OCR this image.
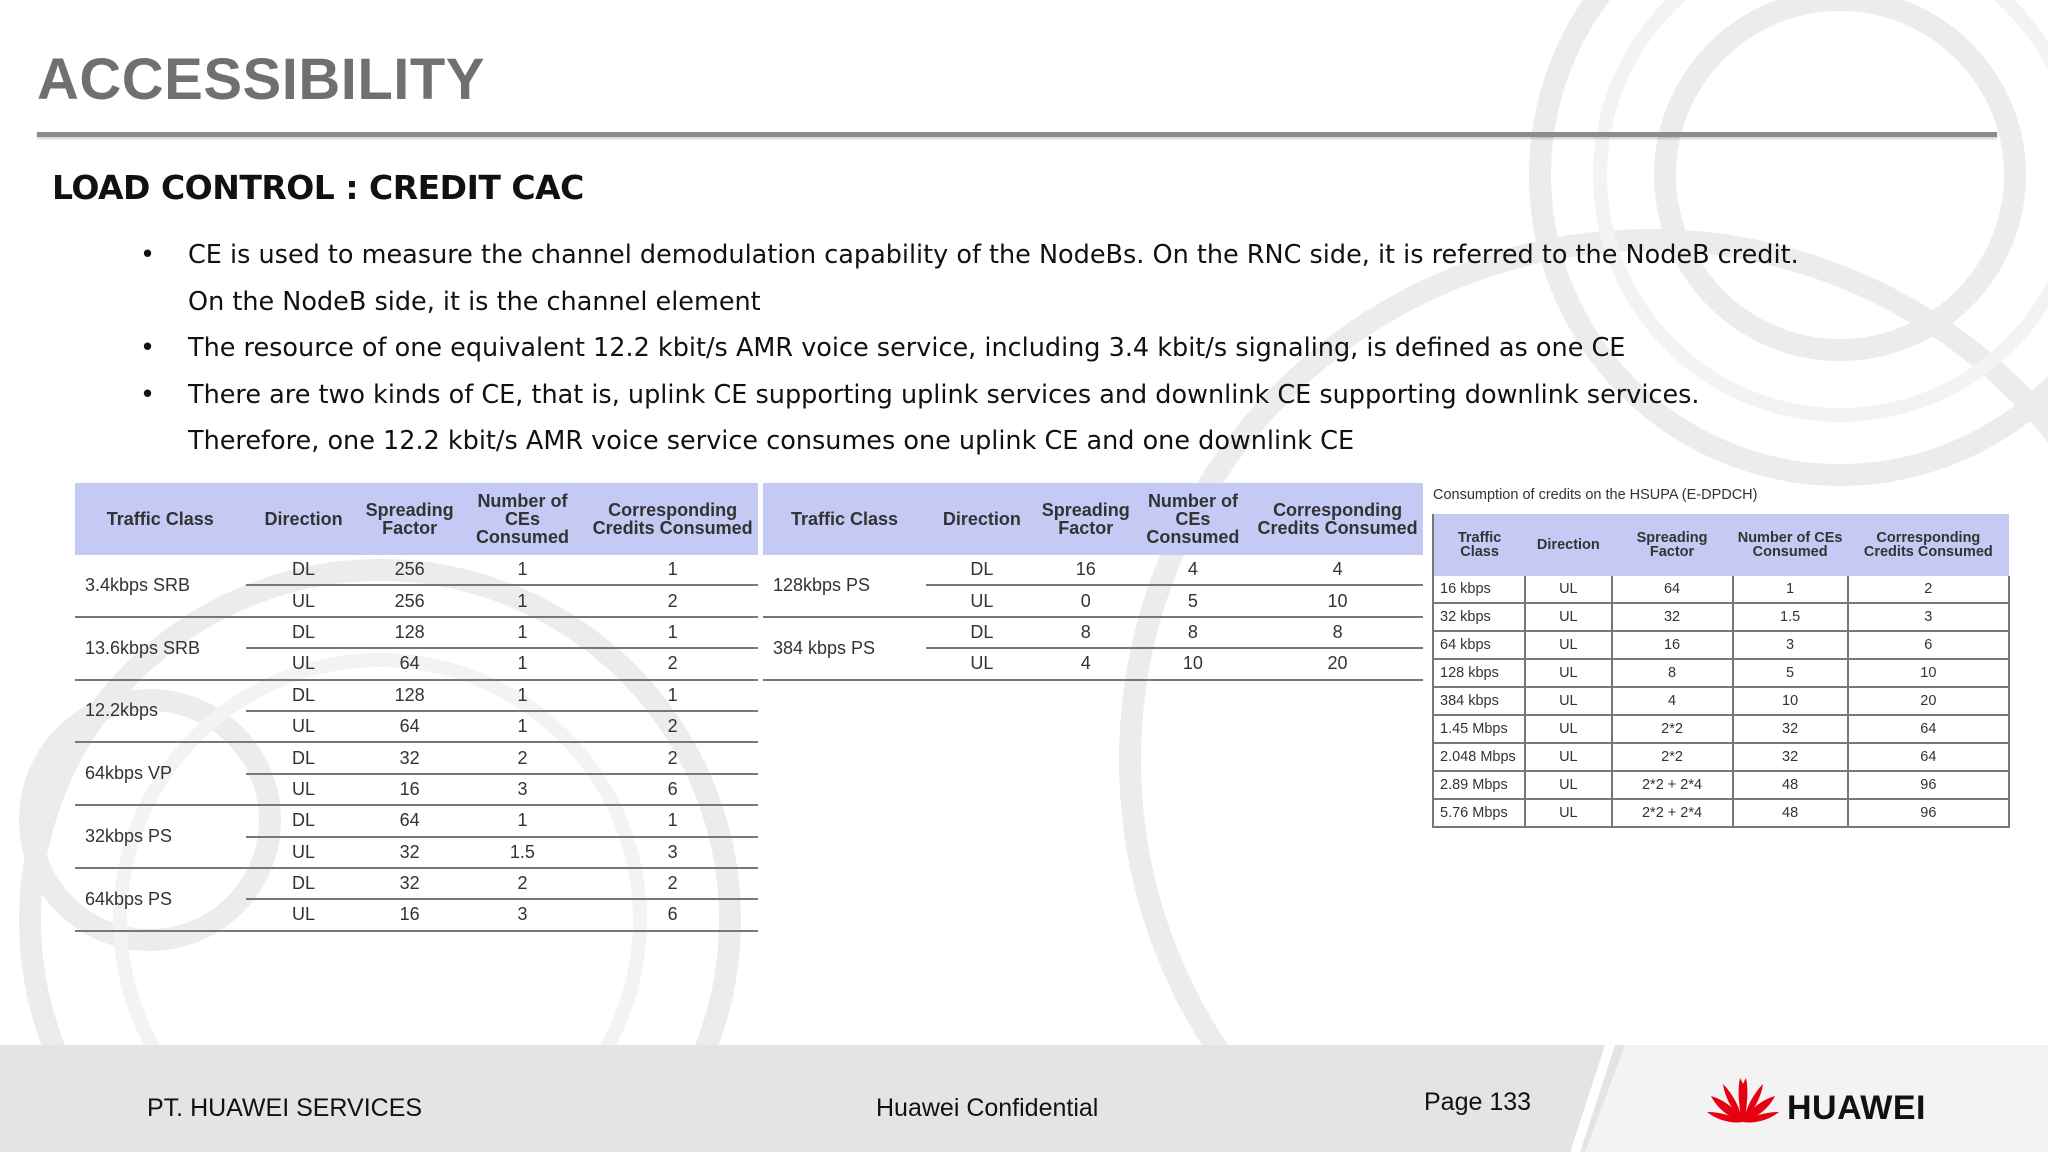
ACCESSIBILITY
LOAD CONTROL : CREDIT CAC
• CE is used to measure the channel demodulation capability of the NodeBs. On the RNC side, it is referred to the NodeB credit. On the NodeB side, it is the channel element
• The resource of one equivalent 12.2 kbit/s AMR voice service, including 3.4 kbit/s signaling, is defined as one CE
• There are two kinds of CE, that is, uplink CE supporting uplink services and downlink CE supporting downlink services. Therefore, one 12.2 kbit/s AMR voice service consumes one uplink CE and one downlink CE
Traffic Class	Direction	Spreading Factor	Number of CEs Consumed	Corresponding Credits Consumed
3.4kbps SRB	DL	256	1	1
	UL	256	1	2
13.6kbps SRB	DL	128	1	1
	UL	64	1	2
12.2kbps	DL	128	1	1
	UL	64	1	2
64kbps VP	DL	32	2	2
	UL	16	3	6
32kbps PS	DL	64	1	1
	UL	32	1.5	3
64kbps PS	DL	32	2	2
	UL	16	3	6
Traffic Class	Direction	Spreading Factor	Number of CEs Consumed	Corresponding Credits Consumed
128kbps PS	DL	16	4	4
	UL	0	5	10
384 kbps PS	DL	8	8	8
	UL	4	10	20
Consumption of credits on the HSUPA (E-DPDCH)
Traffic Class	Direction	Spreading Factor	Number of CEs Consumed	Corresponding Credits Consumed
16 kbps	UL	64	1	2
32 kbps	UL	32	1.5	3
64 kbps	UL	16	3	6
128 kbps	UL	8	5	10
384 kbps	UL	4	10	20
1.45 Mbps	UL	2*2	32	64
2.048 Mbps	UL	2*2	32	64
2.89 Mbps	UL	2*2 + 2*4	48	96
5.76 Mbps	UL	2*2 + 2*4	48	96
PT. HUAWEI SERVICES	Huawei Confidential	Page 133	HUAWEI
